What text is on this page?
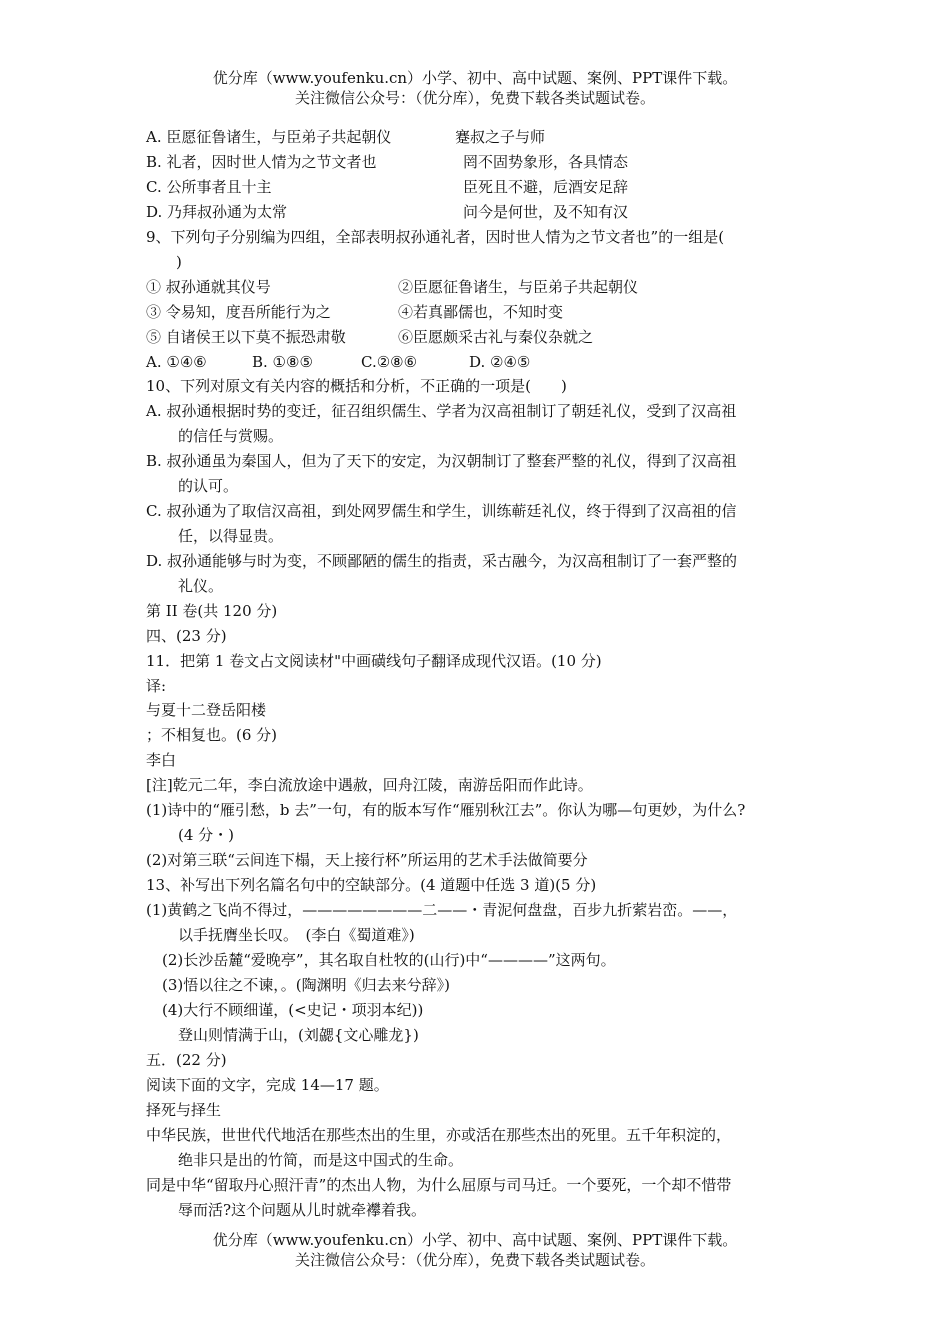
优分库（www.youfenku.cn）小学、初中、高中试题、案例、PPT课件下载。
关注微信公众号：（优分库），免费下载各类试题试卷。
A. 臣愿征鲁诸生，与臣弟子共起朝仪	蹇叔之子与师
B. 礼者，因时世人情为之节文者也	罔不固势象形，各具情态
C. 公所事者且十主	臣死且不避，卮酒安足辞
D. 乃拜叔孙通为太常	问今是何世，及不知有汉
9、下列句子分别编为四组，全部表明叔孙通礼者，因时世人情为之节文者也”的一组是(
)
① 叔孙通就其仪号	②臣愿征鲁诸生，与臣弟子共起朝仪
③ 令易知，度吾所能行为之	④若真鄙儒也，不知时变
⑤ 自诸侯王以下莫不振恐肃敬	⑥臣愿颇采古礼与秦仪杂就之
A. ①④⑥	B. ①⑧⑤	C.②⑧⑥	D. ②④⑤
10、下列对原文有关内容的概括和分析，不正确的一项是(　　)
A. 叔孙通根据时势的变迁，征召组织儒生、学者为汉高祖制订了朝廷礼仪，受到了汉高祖
的信任与赏赐。
B. 叔孙通虽为秦国人，但为了天下的安定，为汉朝制订了整套严整的礼仪，得到了汉高祖
的认可。
C. 叔孙通为了取信汉高祖，到处网罗儒生和学生，训练蕲廷礼仪，终于得到了汉高祖的信
任，以得显贵。
D. 叔孙通能够与时为变，不顾鄙陋的儒生的指责，采古融今，为汉高租制订了一套严整的
礼仪。
第 II 卷(共 120 分)
四、(23 分)
11．把第 1 卷文占文阅读材"中画磺线句子翻译成现代汉语。(10 分)
译:
与夏十二登岳阳楼
；不相复也。(6 分)
李白
[注]乾元二年，李白流放途中遇赦，回舟江陵，南游岳阳而作此诗。
(1)诗中的“雁引愁，b 去”一句，有的版本写作“雁别秋江去”。你认为哪—句更妙，为什么?
(4 分・)
(2)对第三联“云间连下榻，天上接行杯”所运用的艺术手法做简要分
13、补写出下列名篇名句中的空缺部分。(4 道题中任选 3 道)(5 分)
(1)黄鹤之飞尚不得过，————————二——・青泥何盘盘，百步九折萦岩峦。——，
以手抚膺坐长叹。　(李白《蜀道难》)
(2)长沙岳麓“爱晚亭”，其名取自杜牧的(山行)中“————”这两句。
(3)悟以往之不谏，。(陶渊明《归去来兮辞》)
(4)大行不顾细谨，(<史记・项羽本纪))
登山则情满于山，(刘勰{文心雕龙})
五．(22 分)
阅读下面的文字，完成 14—17 题。
择死与择生
中华民族，世世代代地活在那些杰出的生里，亦或活在那些杰出的死里。五千年积淀的，
绝非只是出的竹简，而是这中国式的生命。
同是中华“留取丹心照汗青”的杰出人物，为什么屈原与司马迁。一个要死，一个却不惜带
辱而活?这个问题从儿时就牵襻着我。
优分库（www.youfenku.cn）小学、初中、高中试题、案例、PPT课件下载。
关注微信公众号：（优分库），免费下载各类试题试卷。
